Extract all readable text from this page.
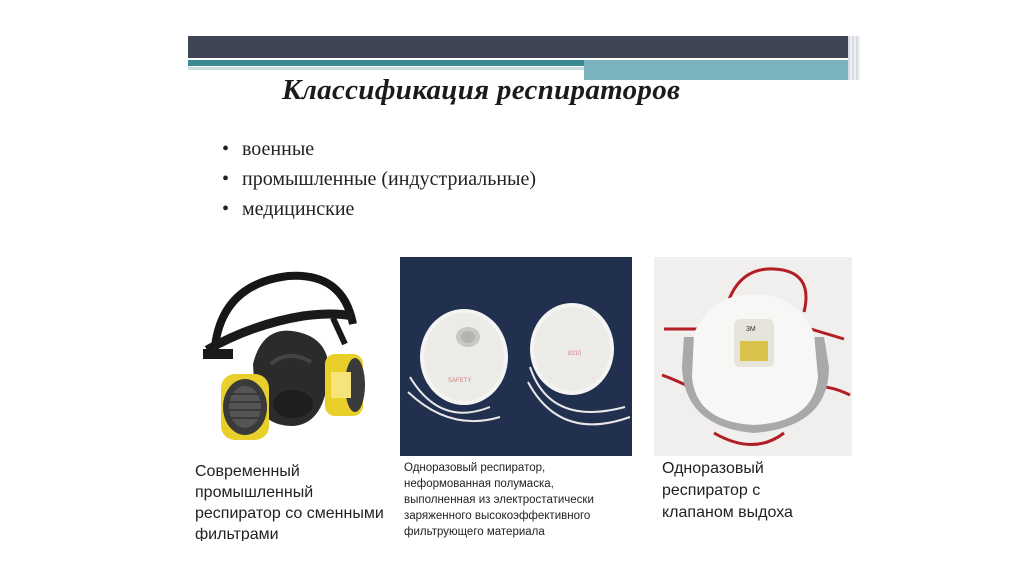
Классификация респираторов
• военные
• промышленные (индустриальные)
• медицинские
SAFETY
8210
3M
Современный
промышленный
респиратор со сменными
фильтрами
Одноразовый респиратор,
неформованная полумаска,
выполненная из электростатически
заряженного высокоэффективного
фильтрующего материала
Одноразовый
респиратор с
клапаном выдоха
